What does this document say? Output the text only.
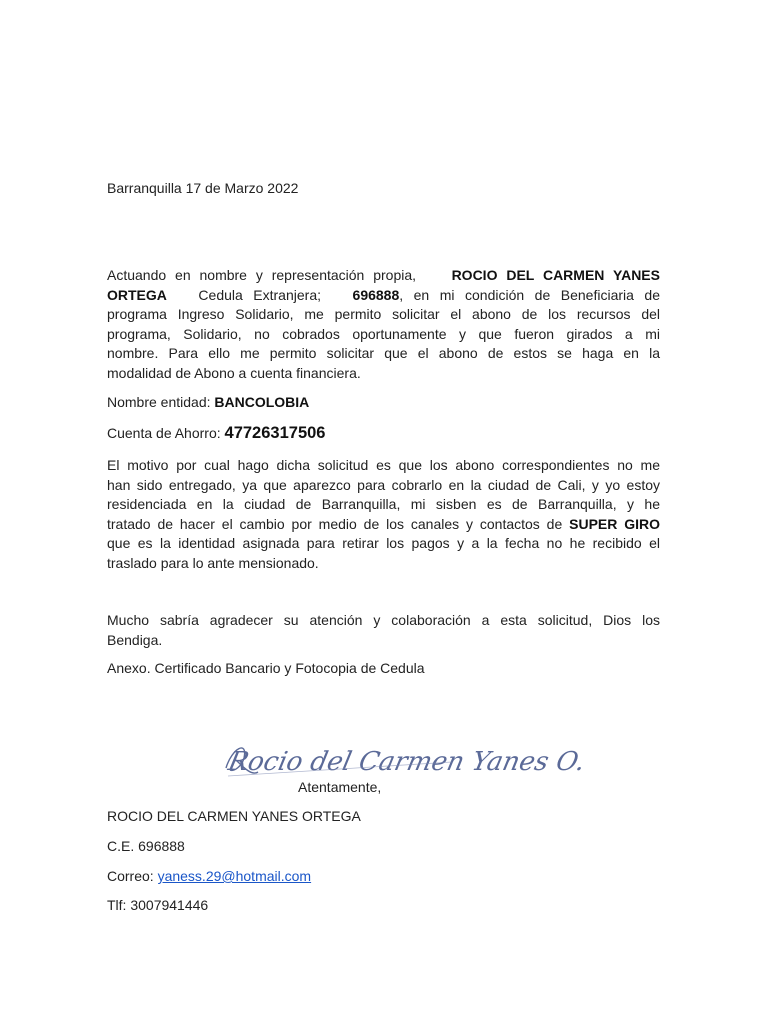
Barranquilla 17 de Marzo 2022
Actuando en nombre y representación propia,	ROCIO DEL CARMEN YANES
ORTEGA Cedula Extranjera; 696888, en mi condición de Beneficiaria de
programa Ingreso Solidario, me permito solicitar el abono de los recursos del
programa, Solidario, no cobrados oportunamente y que fueron girados a mi
nombre. Para ello me permito solicitar que el abono de estos se haga en la
modalidad de Abono a cuenta financiera.
Nombre entidad: BANCOLOBIA
Cuenta de Ahorro: 47726317506
El motivo por cual hago dicha solicitud es que los abono correspondientes no me
han sido entregado, ya que aparezco para cobrarlo en la ciudad de Cali, y yo estoy
residenciada en la ciudad de Barranquilla, mi sisben es de Barranquilla, y he
tratado de hacer el cambio por medio de los canales y contactos de SUPER GIRO
que es la identidad asignada para retirar los pagos y a la fecha no he recibido el
traslado para lo ante mensionado.
Mucho sabría agradecer su atención y colaboración a esta solicitud, Dios los
Bendiga.
Anexo. Certificado Bancario y Fotocopia de Cedula
Rocio del Carmen Yanes O.
Atentamente,
ROCIO DEL CARMEN YANES ORTEGA
C.E. 696888
Correo: yaness.29@hotmail.com
Tlf: 3007941446
